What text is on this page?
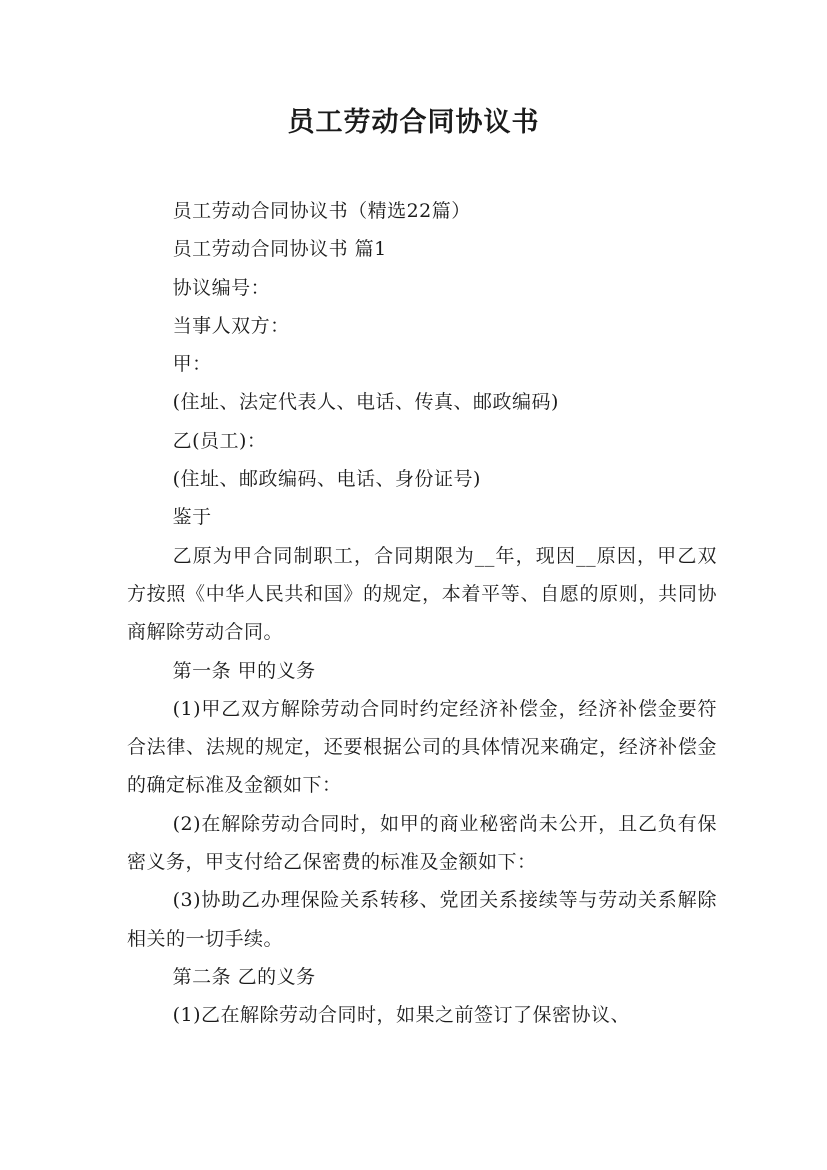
员工劳动合同协议书

员工劳动合同协议书（精选22篇）

员工劳动合同协议书 篇1

协议编号：

当事人双方：

甲：

(住址、法定代表人、电话、传真、邮政编码)

乙(员工)：

(住址、邮政编码、电话、身份证号)

鉴于

乙原为甲合同制职工，合同期限为__年，现因__原因，甲乙双方按照《中华人民共和国》的规定，本着平等、自愿的原则，共同协商解除劳动合同。

第一条 甲的义务

(1)甲乙双方解除劳动合同时约定经济补偿金，经济补偿金要符合法律、法规的规定，还要根据公司的具体情况来确定，经济补偿金的确定标准及金额如下：

(2)在解除劳动合同时，如甲的商业秘密尚未公开，且乙负有保密义务，甲支付给乙保密费的标准及金额如下：

(3)协助乙办理保险关系转移、党团关系接续等与劳动关系解除相关的一切手续。

第二条 乙的义务

(1)乙在解除劳动合同时，如果之前签订了保密协议、
